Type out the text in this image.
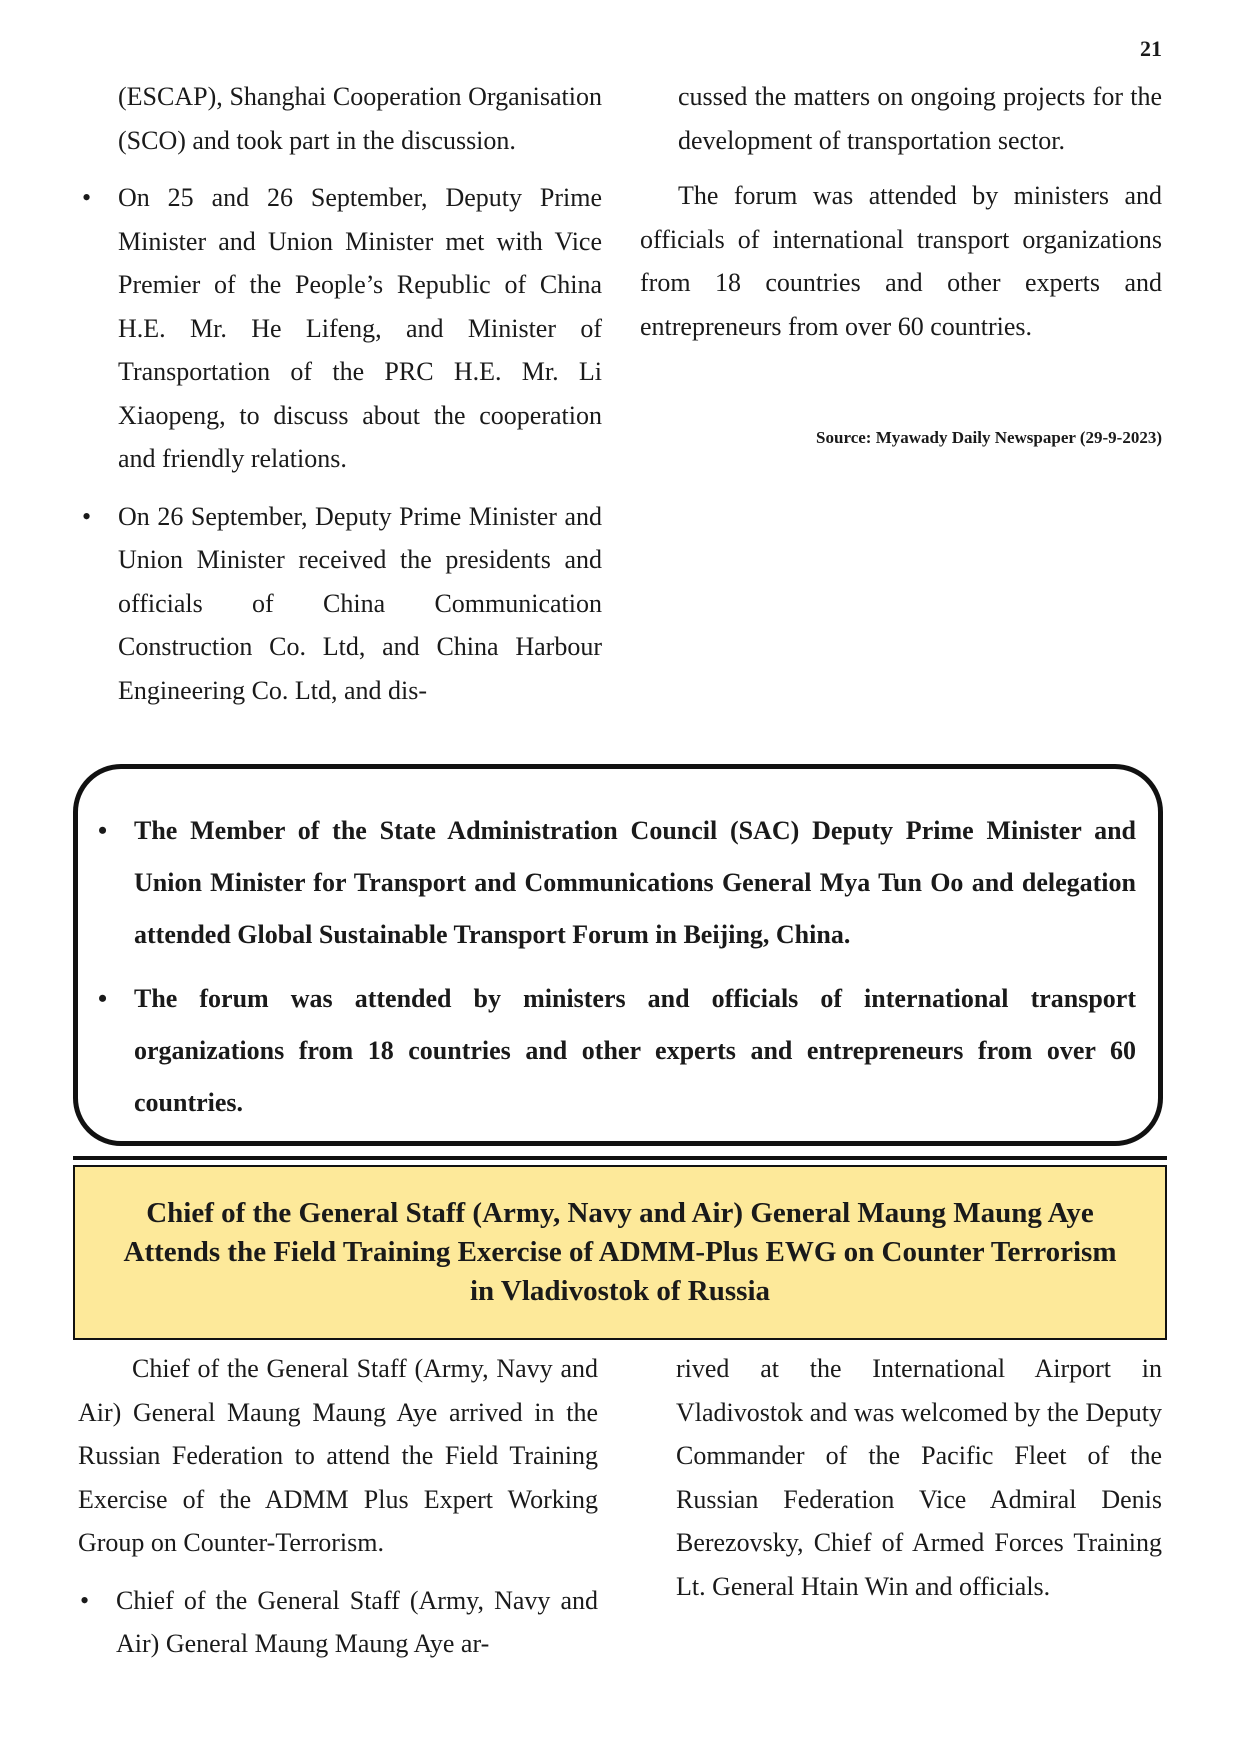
21

(ESCAP), Shanghai Cooperation Organisation (SCO) and took part in the discussion.

• On 25 and 26 September, Deputy Prime Minister and Union Minister met with Vice Premier of the People’s Republic of China H.E. Mr. He Lifeng, and Minister of Transportation of the PRC H.E. Mr. Li Xiaopeng, to discuss about the cooperation and friendly relations.
• On 26 September, Deputy Prime Minister and Union Minister received the presidents and officials of China Communication Construction Co. Ltd, and China Harbour Engineering Co. Ltd, and dis-

cussed the matters on ongoing projects for the development of transportation sector.

The forum was attended by ministers and officials of international transport organizations from 18 countries and other experts and entrepreneurs from over 60 countries.

Source: Myawady Daily Newspaper (29-9-2023)

• The Member of the State Administration Council (SAC) Deputy Prime Minister and Union Minister for Transport and Communications General Mya Tun Oo and delegation attended Global Sustainable Transport Forum in Beijing, China.
• The forum was attended by ministers and officials of international transport organizations from 18 countries and other experts and entrepreneurs from over 60 countries.
Chief of the General Staff (Army, Navy and Air) General Maung Maung Aye
Attends the Field Training Exercise of ADMM-Plus EWG on Counter Terrorism
in Vladivostok of Russia

Chief of the General Staff (Army, Navy and Air) General Maung Maung Aye arrived in the Russian Federation to attend the Field Training Exercise of the ADMM Plus Expert Working Group on Counter-Terrorism.

• Chief of the General Staff (Army, Navy and Air) General Maung Maung Aye ar-

rived at the International Airport in Vladivostok and was welcomed by the Deputy Commander of the Pacific Fleet of the Russian Federation Vice Admiral Denis Berezovsky, Chief of Armed Forces Training Lt. General Htain Win and officials.
